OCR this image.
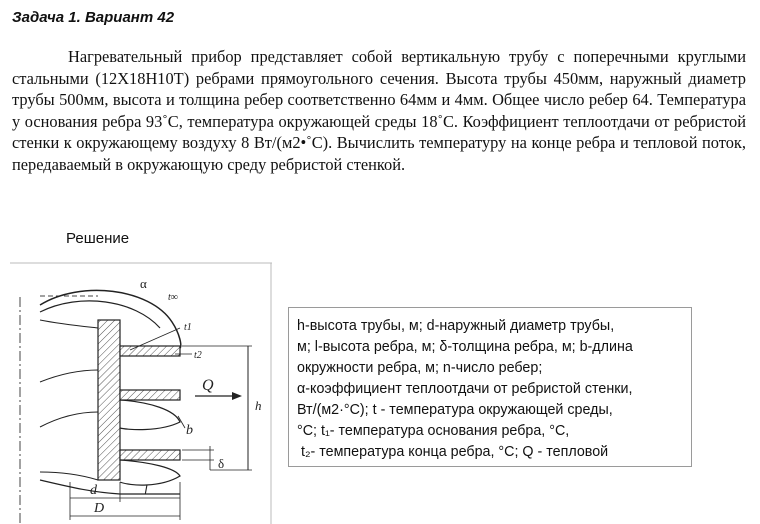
Задача 1. Вариант 42

Нагревательный прибор представляет собой вертикальную трубу с поперечными круглыми стальными (12Х18Н10Т) ребрами прямоугольного сечения. Высота трубы 450мм, наружный диаметр трубы 500мм, высота и толщина ребер соответственно 64мм и 4мм. Общее число ребер 64. Температура у основания ребра 93˚С, температура окружающей среды 18˚С. Коэффициент теплоотдачи от ребристой стенки к окружающему воздуху 8 Вт/(м2•˚С). Вычислить температуру на конце ребра и тепловой поток, передаваемый в окружающую среду ребристой стенкой.

Решение
α
t∞
t1
t2
Q
h
b
δ
d	l
D
h-высота трубы, м; d-наружный диаметр трубы,
м; l-высота ребра, м; δ-толщина ребра, м; b-длина
окружности ребра, м; n-число ребер;
α-коэффициент теплоотдачи от ребристой стенки,
Вт/(м2·°С); t - температура окружающей среды,
°С; t₁- температура основания ребра, °С,
t₂- температура конца ребра, °С; Q - тепловой
